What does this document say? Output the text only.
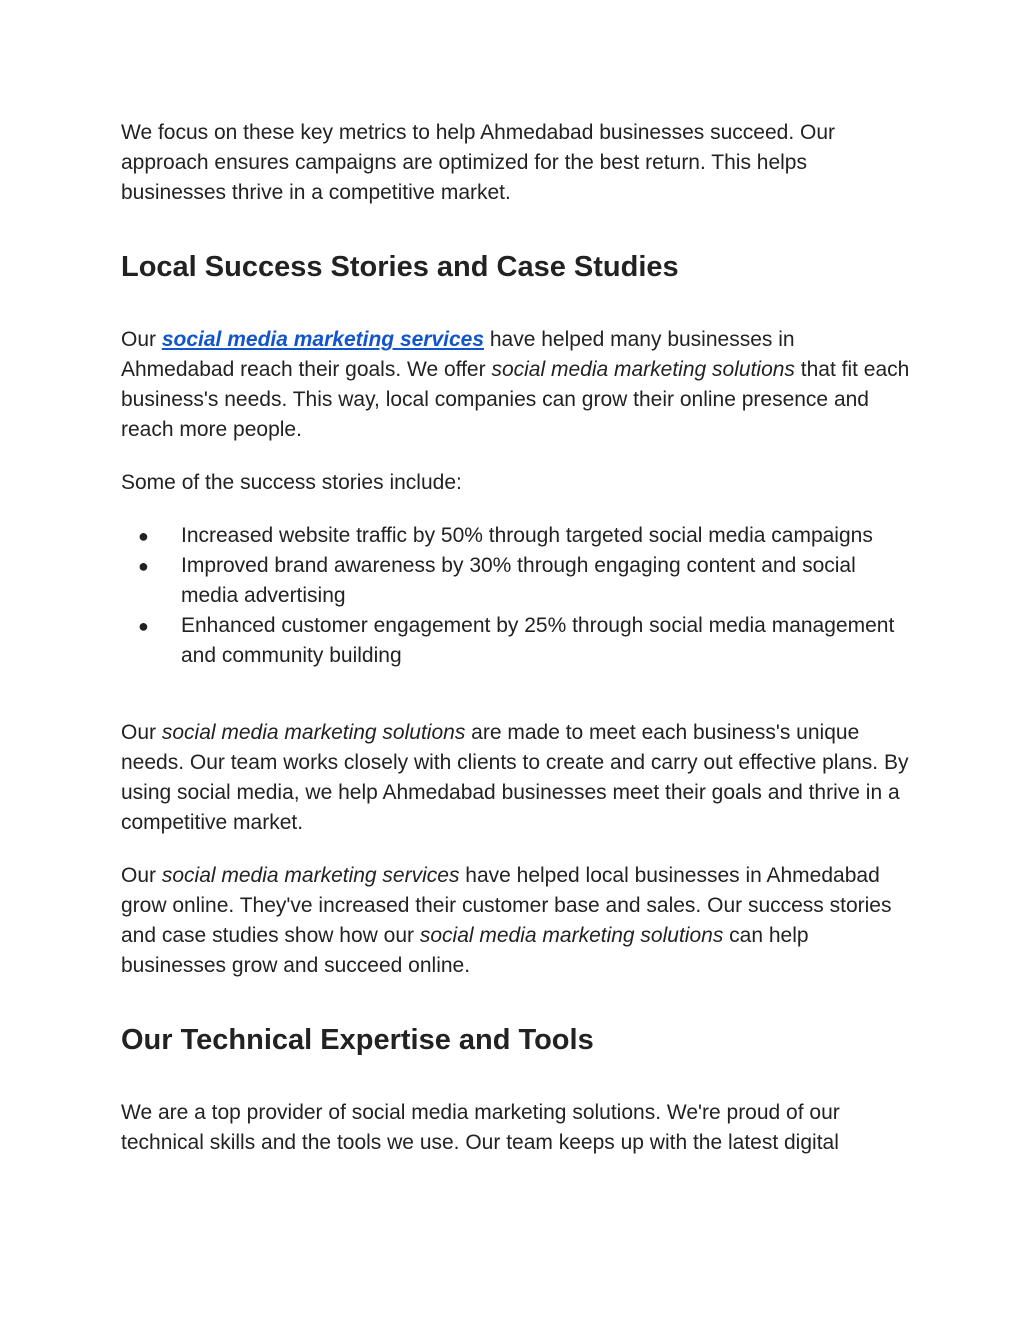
We focus on these key metrics to help Ahmedabad businesses succeed. Our approach ensures campaigns are optimized for the best return. This helps businesses thrive in a competitive market.

Local Success Stories and Case Studies

Our social media marketing services have helped many businesses in Ahmedabad reach their goals. We offer social media marketing solutions that fit each business's needs. This way, local companies can grow their online presence and reach more people.

Some of the success stories include:

● Increased website traffic by 50% through targeted social media campaigns
● Improved brand awareness by 30% through engaging content and social media advertising
● Enhanced customer engagement by 25% through social media management and community building

Our social media marketing solutions are made to meet each business's unique needs. Our team works closely with clients to create and carry out effective plans. By using social media, we help Ahmedabad businesses meet their goals and thrive in a competitive market.

Our social media marketing services have helped local businesses in Ahmedabad grow online. They've increased their customer base and sales. Our success stories and case studies show how our social media marketing solutions can help businesses grow and succeed online.

Our Technical Expertise and Tools

We are a top provider of social media marketing solutions. We're proud of our technical skills and the tools we use. Our team keeps up with the latest digital
